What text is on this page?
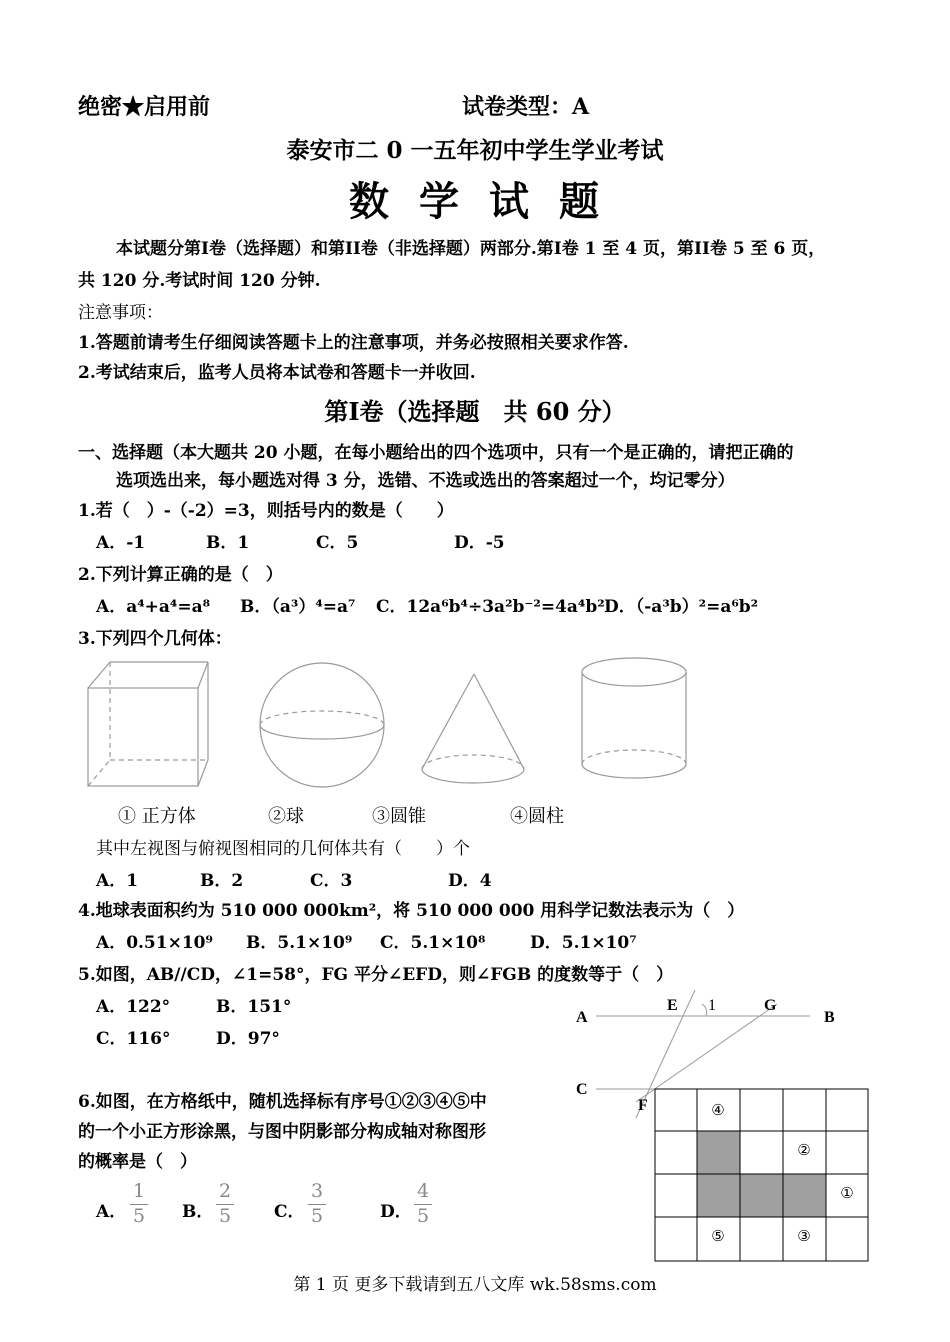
绝密★启用前	试卷类型：A
泰安市二 0 一五年初中学生学业考试
数学试题
本试题分第I卷（选择题）和第II卷（非选择题）两部分.第I卷 1 至 4 页，第II卷 5 至 6 页，
共 120 分.考试时间 120 分钟.
注意事项：
1.答题前请考生仔细阅读答题卡上的注意事项，并务必按照相关要求作答.
2.考试结束后，监考人员将本试卷和答题卡一并收回.
第I卷（选择题　共 60 分）
一、选择题（本大题共 20 小题，在每小题给出的四个选项中，只有一个是正确的，请把正确的
选项选出来，每小题选对得 3 分，选错、不选或选出的答案超过一个，均记零分）
1.若（　）-（-2）=3，则括号内的数是（　　）
A．-1	B．1	C．5	D．-5
2.下列计算正确的是（　）
A．a⁴+a⁴=a⁸ B．（a³）⁴=a⁷ C．12a⁶b⁴÷3a²b⁻²=4a⁴b² D．（-a³b）²=a⁶b²
3.下列四个几何体：
① 正方体	②球	③圆锥	④圆柱
其中左视图与俯视图相同的几何体共有（　　）个
A．1	B．2	C．3	D．4
4.地球表面积约为 510 000 000km²，将 510 000 000 用科学记数法表示为（　）
A．0.51×10⁹ B．5.1×10⁹ C．5.1×10⁸	D．5.1×10⁷
5.如图，AB//CD，∠1=58°，FG 平分∠EFD，则∠FGB 的度数等于（　）
A．122°	B．151°
C．116°	D．97°
A
E 1	G
B
C
F
6.如图，在方格纸中，随机选择标有序号①②③④⑤中
的一个小正方形涂黑，与图中阴影部分构成轴对称图形
的概率是（　）
A．
1
5 B．
2
5	C．
3
5	D．
4
5
④
②
①
⑤	③
第 1 页 更多下载请到五八文库 wk.58sms.com
